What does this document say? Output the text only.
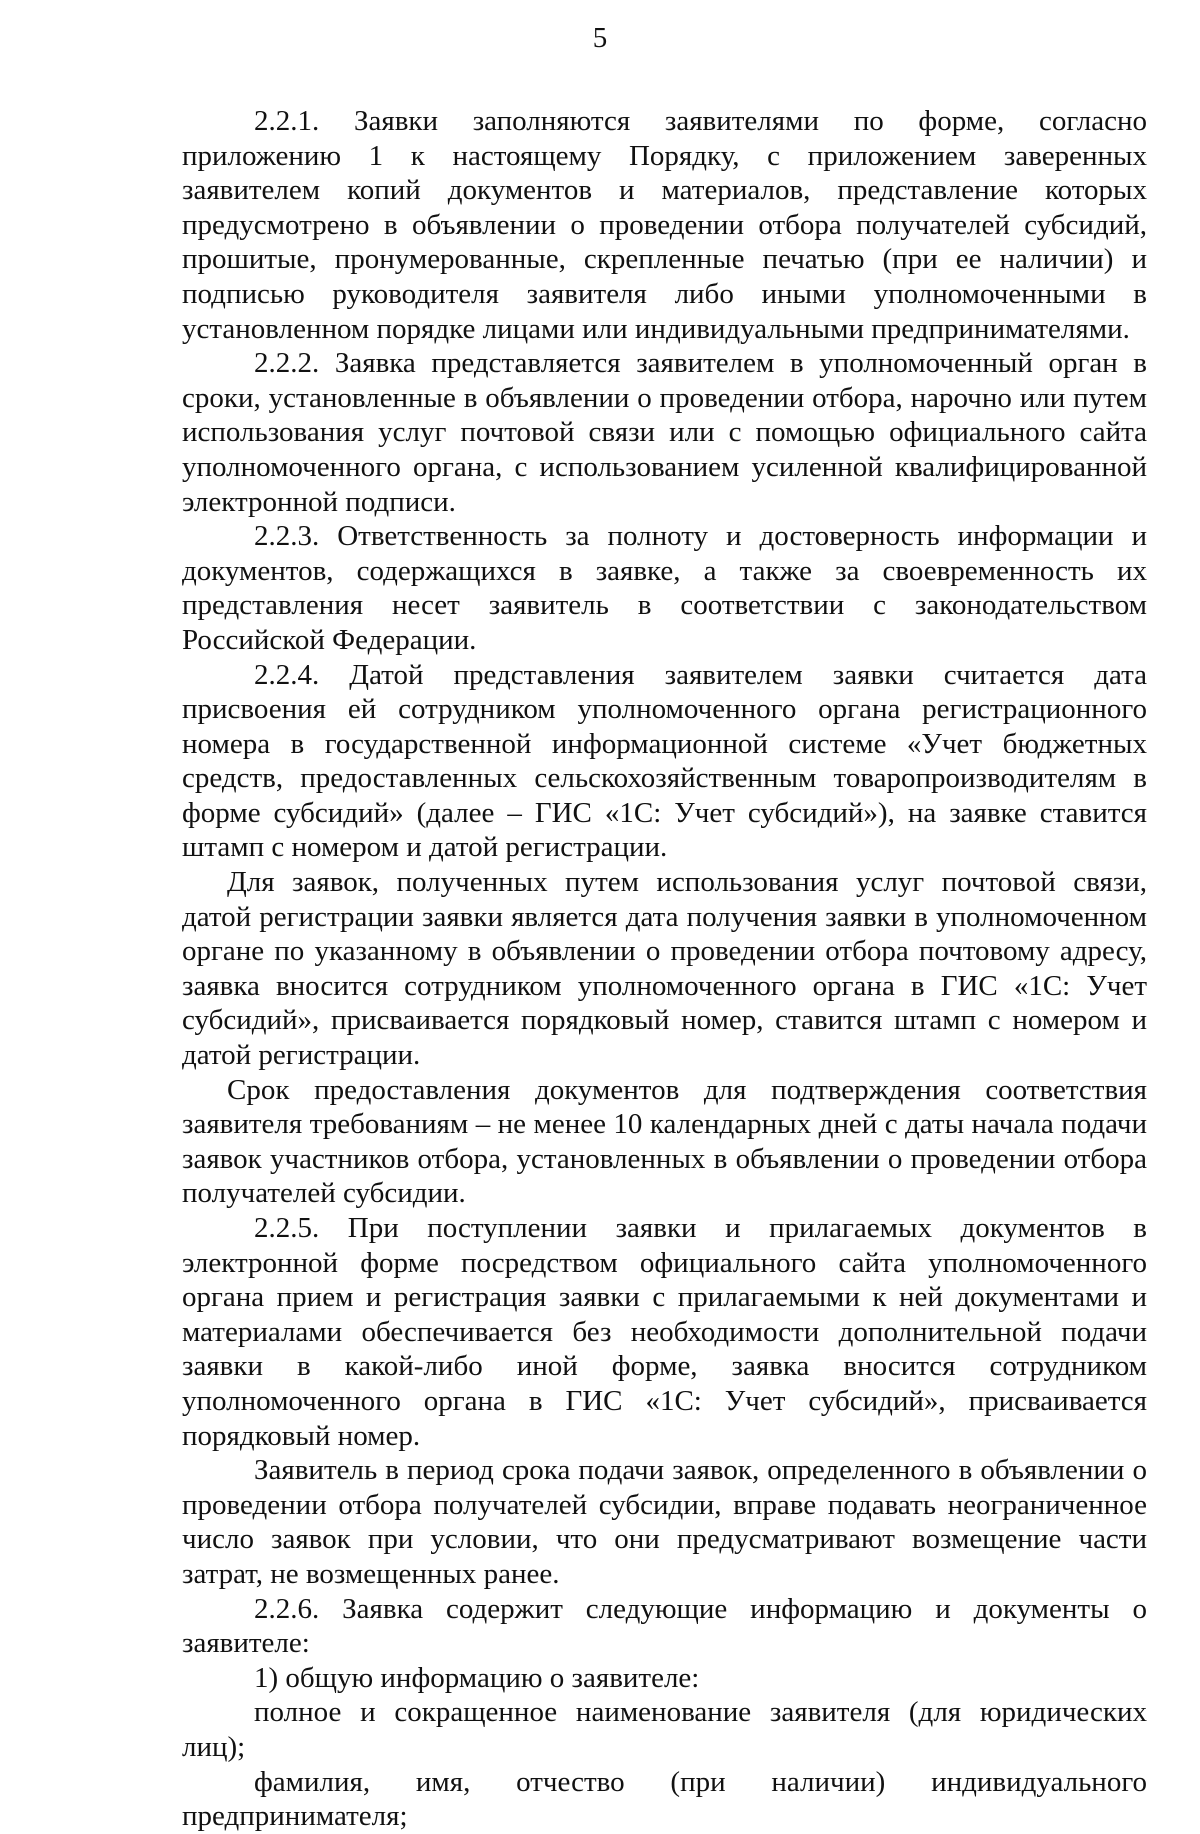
5

2.2.1. Заявки заполняются заявителями по форме, согласно приложению 1 к настоящему Порядку, с приложением заверенных заявителем копий документов и материалов, представление которых предусмотрено в объявлении о проведении отбора получателей субсидий, прошитые, пронумерованные, скрепленные печатью (при ее наличии) и подписью руководителя заявителя либо иными уполномоченными в установленном порядке лицами или индивидуальными предпринимателями.

2.2.2. Заявка представляется заявителем в уполномоченный орган в сроки, установленные в объявлении о проведении отбора, нарочно или путем использования услуг почтовой связи или с помощью официального сайта уполномоченного органа, с использованием усиленной квалифицированной электронной подписи.

2.2.3. Ответственность за полноту и достоверность информации и документов, содержащихся в заявке, а также за своевременность их представления несет заявитель в соответствии с законодательством Российской Федерации.

2.2.4. Датой представления заявителем заявки считается дата присвоения ей сотрудником уполномоченного органа регистрационного номера в государственной информационной системе «Учет бюджетных средств, предоставленных сельскохозяйственным товаропроизводителям в форме субсидий» (далее – ГИС «1С: Учет субсидий»), на заявке ставится штамп с номером и датой регистрации.

Для заявок, полученных путем использования услуг почтовой связи, датой регистрации заявки является дата получения заявки в уполномоченном органе по указанному в объявлении о проведении отбора почтовому адресу, заявка вносится сотрудником уполномоченного органа в ГИС «1С: Учет субсидий», присваивается порядковый номер, ставится штамп с номером и датой регистрации.

Срок предоставления документов для подтверждения соответствия заявителя требованиям – не менее 10 календарных дней с даты начала подачи заявок участников отбора, установленных в объявлении о проведении отбора получателей субсидии.

2.2.5. При поступлении заявки и прилагаемых документов в электронной форме посредством официального сайта уполномоченного органа прием и регистрация заявки с прилагаемыми к ней документами и материалами обеспечивается без необходимости дополнительной подачи заявки в какой-либо иной форме, заявка вносится сотрудником уполномоченного органа в ГИС «1С: Учет субсидий», присваивается порядковый номер.

Заявитель в период срока подачи заявок, определенного в объявлении о проведении отбора получателей субсидии, вправе подавать неограниченное число заявок при условии, что они предусматривают возмещение части затрат, не возмещенных ранее.

2.2.6. Заявка содержит следующие информацию и документы о заявителе:

1) общую информацию о заявителе:

полное и сокращенное наименование заявителя (для юридических лиц);

фамилия, имя, отчество (при наличии) индивидуального предпринимателя;
